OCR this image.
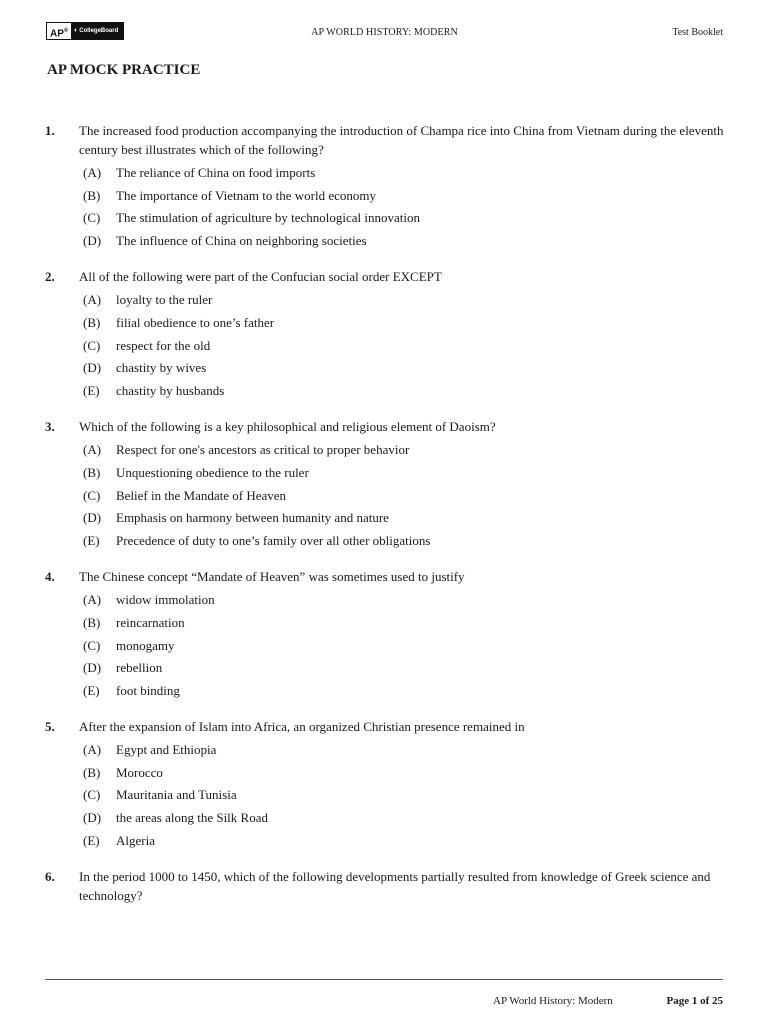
AP® ◐CollegeBoard	AP WORLD HISTORY: MODERN	Test Booklet
AP MOCK PRACTICE
1. The increased food production accompanying the introduction of Champa rice into China from Vietnam during the eleventh century best illustrates which of the following?
(A) The reliance of China on food imports
(B) The importance of Vietnam to the world economy
(C) The stimulation of agriculture by technological innovation
(D) The influence of China on neighboring societies
2. All of the following were part of the Confucian social order EXCEPT
(A) loyalty to the ruler
(B) filial obedience to one’s father
(C) respect for the old
(D) chastity by wives
(E) chastity by husbands
3. Which of the following is a key philosophical and religious element of Daoism?
(A) Respect for one's ancestors as critical to proper behavior
(B) Unquestioning obedience to the ruler
(C) Belief in the Mandate of Heaven
(D) Emphasis on harmony between humanity and nature
(E) Precedence of duty to one’s family over all other obligations
4. The Chinese concept “Mandate of Heaven” was sometimes used to justify
(A) widow immolation
(B) reincarnation
(C) monogamy
(D) rebellion
(E) foot binding
5. After the expansion of Islam into Africa, an organized Christian presence remained in
(A) Egypt and Ethiopia
(B) Morocco
(C) Mauritania and Tunisia
(D) the areas along the Silk Road
(E) Algeria
6. In the period 1000 to 1450, which of the following developments partially resulted from knowledge of Greek science and technology?
AP World History: Modern	Page 1 of 25
